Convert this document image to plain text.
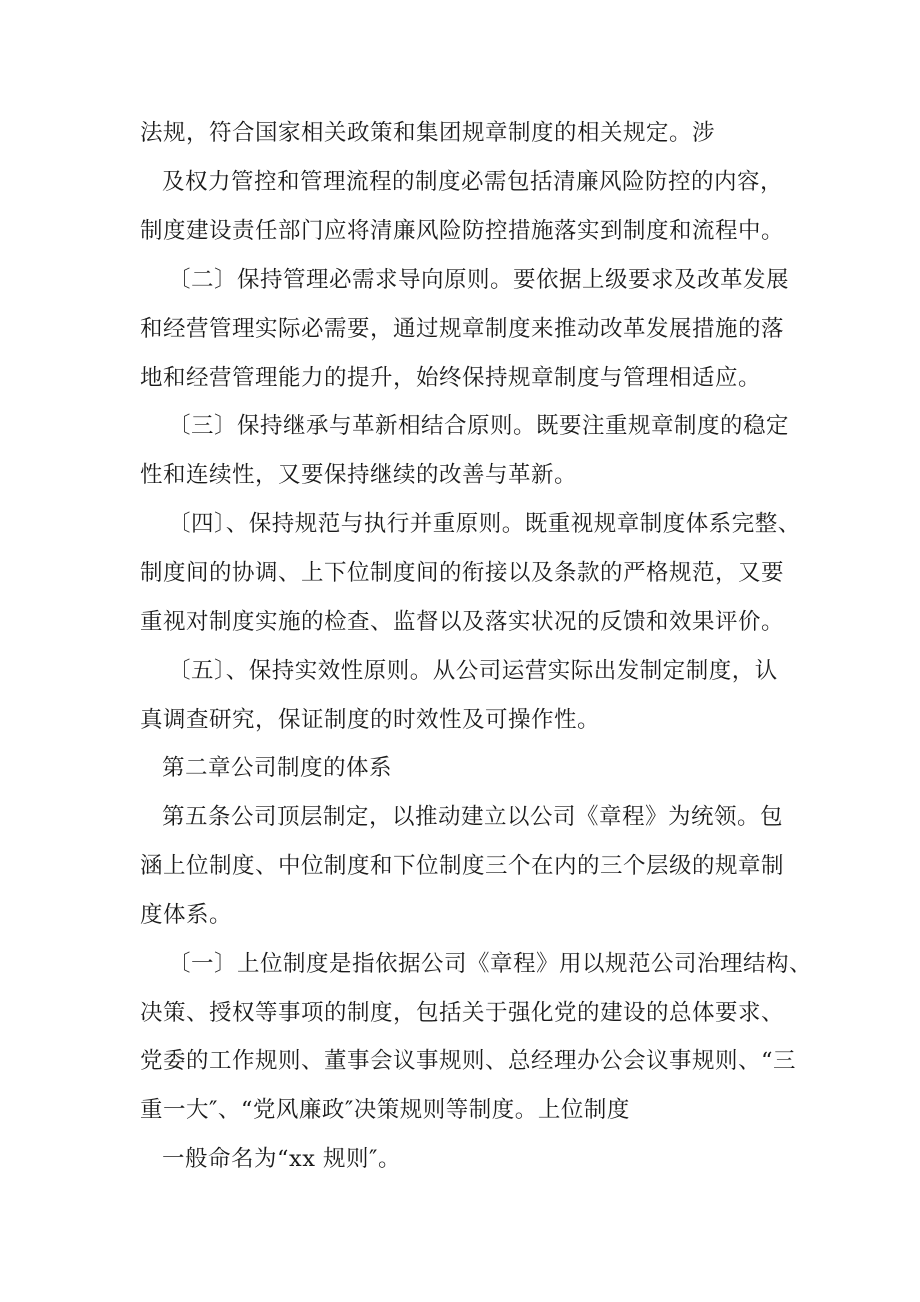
法规，符合国家相关政策和集团规章制度的相关规定。涉
及权力管控和管理流程的制度必需包括清廉风险防控的内容，
制度建设责任部门应将清廉风险防控措施落实到制度和流程中。
〔二〕保持管理必需求导向原则。要依据上级要求及改革发展
和经营管理实际必需要，通过规章制度来推动改革发展措施的落
地和经营管理能力的提升，始终保持规章制度与管理相适应。
〔三〕保持继承与革新相结合原则。既要注重规章制度的稳定
性和连续性，又要保持继续的改善与革新。
〔四〕、保持规范与执行并重原则。既重视规章制度体系完整、
制度间的协调、上下位制度间的衔接以及条款的严格规范，又要
重视对制度实施的检查、监督以及落实状况的反馈和效果评价。
〔五〕、保持实效性原则。从公司运营实际出发制定制度，认
真调查研究，保证制度的时效性及可操作性。
第二章公司制度的体系
第五条公司顶层制定，以推动建立以公司《章程》为统领。包
涵上位制度、中位制度和下位制度三个在内的三个层级的规章制
度体系。
〔一〕上位制度是指依据公司《章程》用以规范公司治理结构、
决策、授权等事项的制度，包括关于强化党的建设的总体要求、
党委的工作规则、董事会议事规则、总经理办公会议事规则、“三
重一大″、“党风廉政″决策规则等制度。上位制度
一般命名为“xx 规则″。
